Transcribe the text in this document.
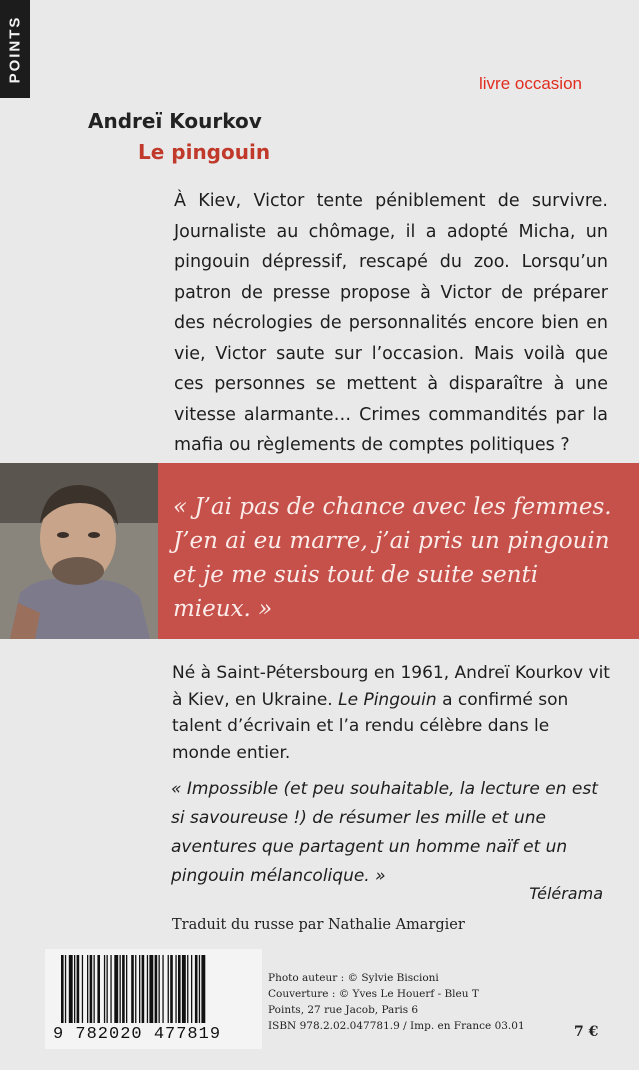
POINTS
livre occasion
Andreï Kourkov
Le pingouin
À Kiev, Victor tente péniblement de survivre. Journaliste au chômage, il a adopté Micha, un pingouin dépressif, rescapé du zoo. Lorsqu’un patron de presse propose à Victor de préparer des nécrologies de personnalités encore bien en vie, Victor saute sur l’occasion. Mais voilà que ces personnes se mettent à disparaître à une vitesse alarmante… Crimes commandités par la mafia ou règlements de comptes politiques ?
« J’ai pas de chance avec les femmes. J’en ai eu marre, j’ai pris un pingouin et je me suis tout de suite senti mieux. »
Né à Saint-Pétersbourg en 1961, Andreï Kourkov vit à Kiev, en Ukraine. Le Pingouin a confirmé son talent d’écrivain et l’a rendu célèbre dans le monde entier.
« Impossible (et peu souhaitable, la lecture en est si savoureuse !) de résumer les mille et une aventures que partagent un homme naïf et un pingouin mélancolique. »
Télérama
Traduit du russe par Nathalie Amargier
9 782020 477819
Photo auteur : © Sylvie Biscioni
Couverture : © Yves Le Houerf - Bleu T
Points, 27 rue Jacob, Paris 6
ISBN 978.2.02.047781.9 / Imp. en France 03.01	7 €
